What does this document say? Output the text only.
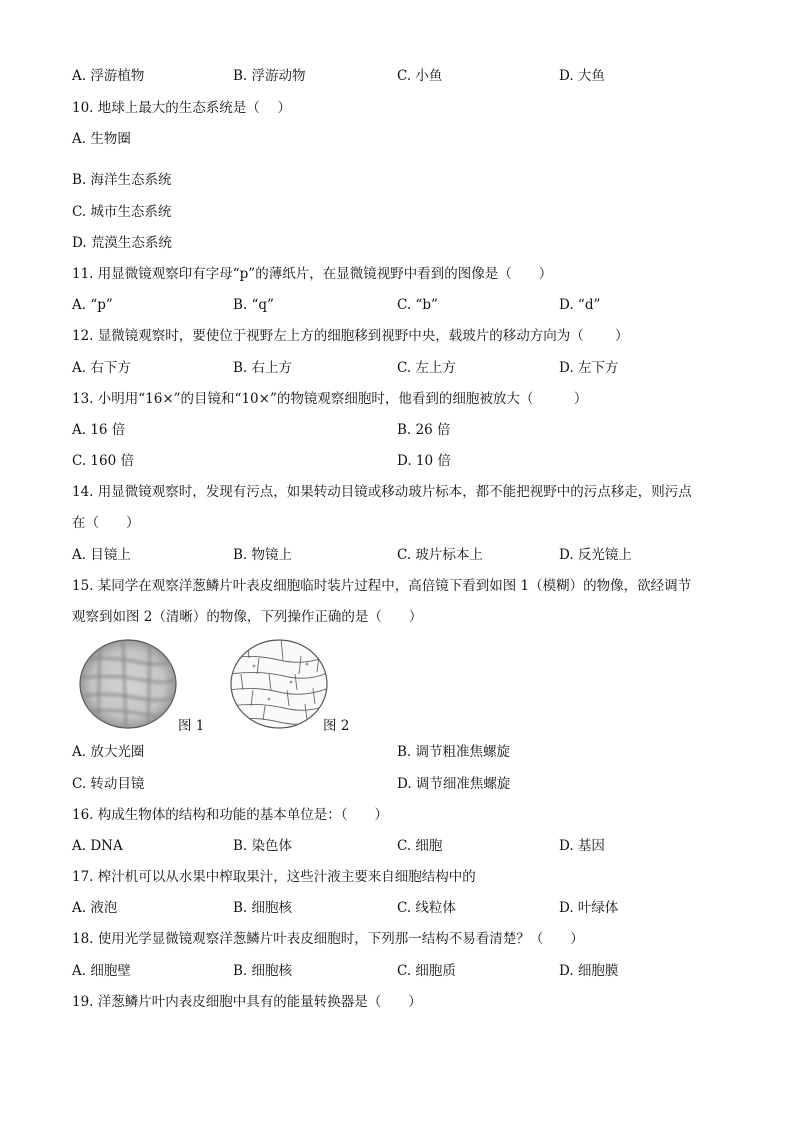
A. 浮游植物	B. 浮游动物	C. 小鱼	D. 大鱼
10. 地球上最大的生态系统是（　 ）
A. 生物圈
B. 海洋生态系统
C. 城市生态系统
D. 荒漠生态系统
11. 用显微镜观察印有字母“p”的薄纸片，在显微镜视野中看到的图像是（　　）
A. “p”	B. “q”	C. “b”	D. “d”
12. 显微镜观察时，要使位于视野左上方的细胞移到视野中央，载玻片的移动方向为（　　 ）
A. 右下方	B. 右上方	C. 左上方	D. 左下方
13. 小明用“16×”的目镜和“10×”的物镜观察细胞时，他看到的细胞被放大（　　　）
A. 16 倍	B. 26 倍
C. 160 倍	D. 10 倍
14. 用显微镜观察时，发现有污点，如果转动目镜或移动玻片标本，都不能把视野中的污点移走，则污点
在（　　）
A. 目镜上	B. 物镜上	C. 玻片标本上	D. 反光镜上
15. 某同学在观察洋葱鳞片叶表皮细胞临时装片过程中，高倍镜下看到如图 1（模糊）的物像，欲经调节
观察到如图 2（清晰）的物像，下列操作正确的是（　　）
图 1	图 2
A. 放大光圈	B. 调节粗准焦螺旋
C. 转动目镜	D. 调节细准焦螺旋
16. 构成生物体的结构和功能的基本单位是：（　　）
A. DNA	B. 染色体	C. 细胞	D. 基因
17. 榨汁机可以从水果中榨取果汁，这些汁液主要来自细胞结构中的
A. 液泡	B. 细胞核	C. 线粒体	D. 叶绿体
18. 使用光学显微镜观察洋葱鳞片叶表皮细胞时，下列那一结构不易看清楚？（　　）
A. 细胞壁	B. 细胞核	C. 细胞质	D. 细胞膜
19. 洋葱鳞片叶内表皮细胞中具有的能量转换器是（　　）
